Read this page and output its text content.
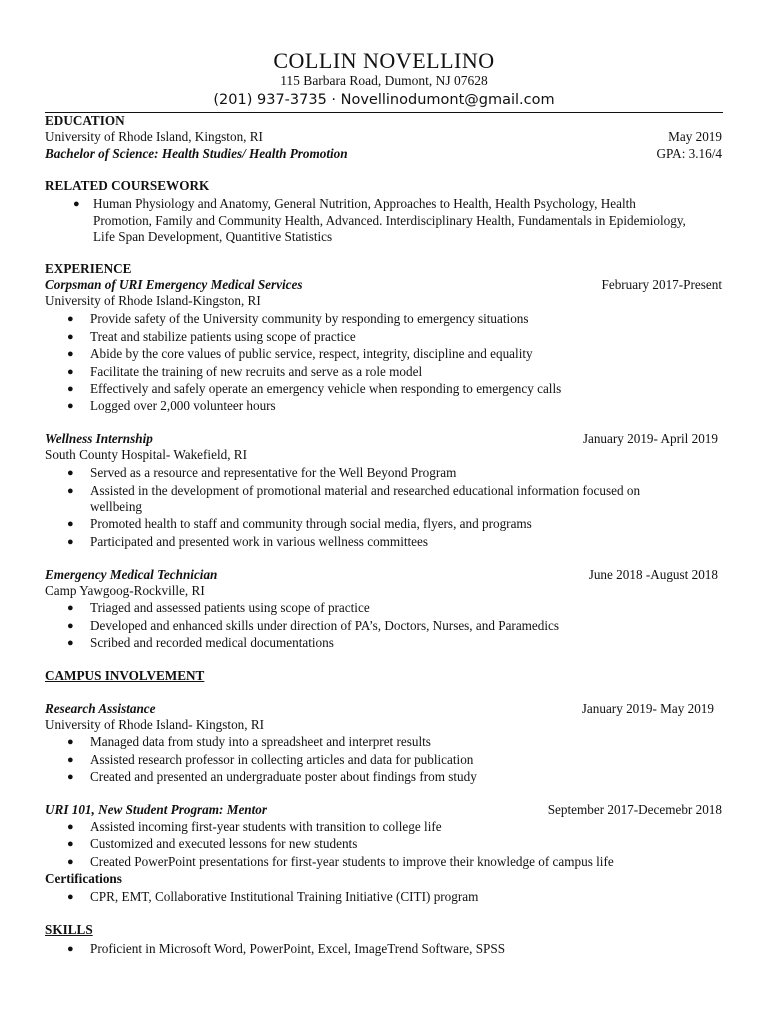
COLLIN NOVELLINO
115 Barbara Road, Dumont, NJ 07628
(201) 937-3735 · Novellinodumont@gmail.com
EDUCATION
University of Rhode Island, Kingston, RI	May 2019
Bachelor of Science: Health Studies/ Health Promotion	GPA: 3.16/4
RELATED COURSEWORK
● Human Physiology and Anatomy, General Nutrition, Approaches to Health, Health Psychology, Health
Promotion, Family and Community Health, Advanced. Interdisciplinary Health, Fundamentals in Epidemiology,
Life Span Development, Quantitive Statistics
EXPERIENCE
Corpsman of URI Emergency Medical Services	February 2017-Present
University of Rhode Island-Kingston, RI
● Provide safety of the University community by responding to emergency situations
● Treat and stabilize patients using scope of practice
● Abide by the core values of public service, respect, integrity, discipline and equality
● Facilitate the training of new recruits and serve as a role model
● Effectively and safely operate an emergency vehicle when responding to emergency calls
● Logged over 2,000 volunteer hours
Wellness Internship	January 2019- April 2019
South County Hospital- Wakefield, RI
● Served as a resource and representative for the Well Beyond Program
● Assisted in the development of promotional material and researched educational information focused on
wellbeing
● Promoted health to staff and community through social media, flyers, and programs
● Participated and presented work in various wellness committees
Emergency Medical Technician	June 2018 -August 2018
Camp Yawgoog-Rockville, RI
● Triaged and assessed patients using scope of practice
● Developed and enhanced skills under direction of PA’s, Doctors, Nurses, and Paramedics
● Scribed and recorded medical documentations
CAMPUS INVOLVEMENT
Research Assistance	January 2019- May 2019
University of Rhode Island- Kingston, RI
● Managed data from study into a spreadsheet and interpret results
● Assisted research professor in collecting articles and data for publication
● Created and presented an undergraduate poster about findings from study
URI 101, New Student Program: Mentor	September 2017-Decemebr 2018
● Assisted incoming first-year students with transition to college life
● Customized and executed lessons for new students
● Created PowerPoint presentations for first-year students to improve their knowledge of campus life
Certifications
● CPR, EMT, Collaborative Institutional Training Initiative (CITI) program
SKILLS
● Proficient in Microsoft Word, PowerPoint, Excel, ImageTrend Software, SPSS
